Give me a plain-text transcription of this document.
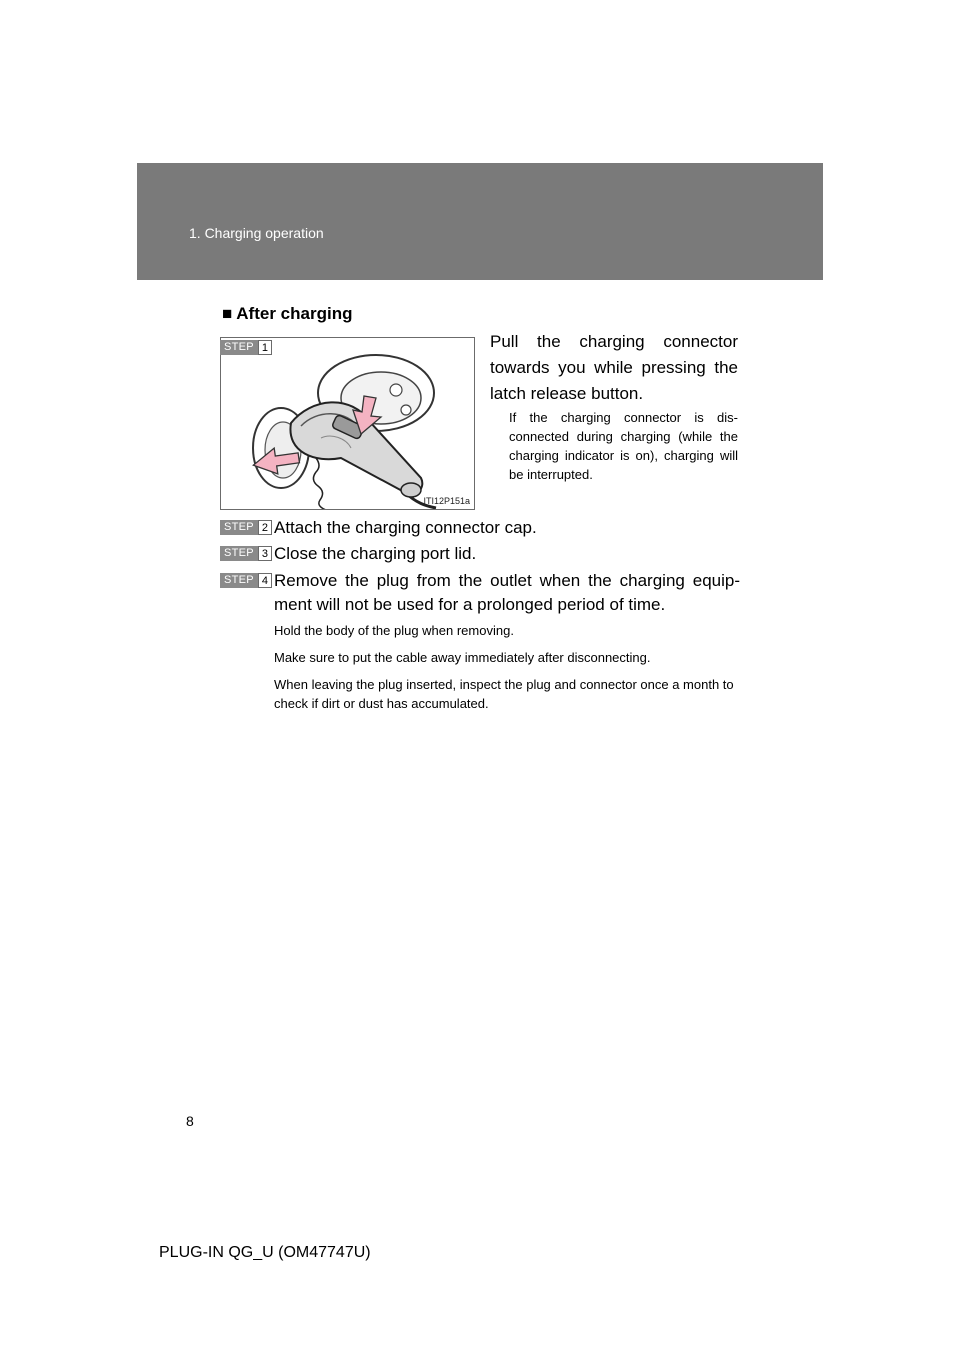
1. Charging operation
■ After charging
ITI12P151a
STEP 1	Pull the charging connector towards you while pressing the latch release button.
If the charging connector is dis-connected during charging (while the charging indicator is on), charging will be interrupted.
STEP 2 Attach the charging connector cap.
STEP 3 Close the charging port lid.
STEP 4 Remove the plug from the outlet when the charging equip-ment will not be used for a prolonged period of time.
Hold the body of the plug when removing.
Make sure to put the cable away immediately after disconnecting.
When leaving the plug inserted, inspect the plug and connector once a month to check if dirt or dust has accumulated.
8
PLUG-IN QG_U (OM47747U)
